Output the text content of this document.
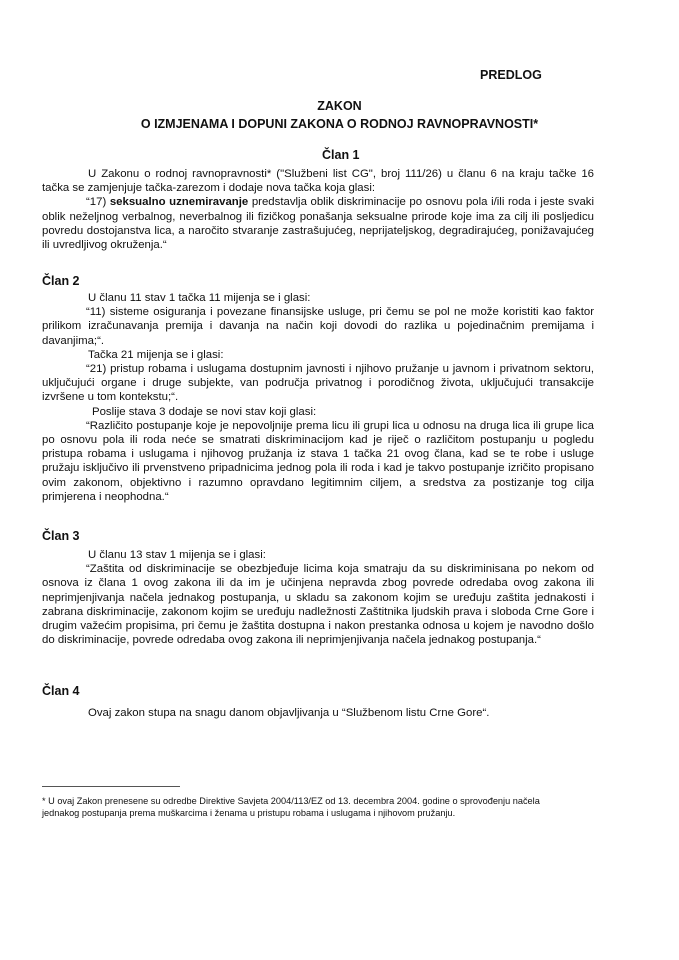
PREDLOG
ZAKON
O IZMJENAMA I DOPUNI ZAKONA O RODNOJ RAVNOPRAVNOSTI*
Član 1

U Zakonu o rodnoj ravnopravnosti* ("Službeni list CG", broj 111/26) u članu 6 na kraju tačke 16 tačka se zamjenjuje tačka-zarezom i dodaje nova tačka koja glasi:

“17) seksualno uznemiravanje predstavlja oblik diskriminacije po osnovu pola i/ili roda i jeste svaki oblik neželjnog verbalnog, neverbalnog ili fizičkog ponašanja seksualne prirode koje ima za cilj ili posljedicu povredu dostojanstva lica, a naročito stvaranje zastrašujućeg, neprijateljskog, degradirajućeg, ponižavajućeg ili uvredljivog okruženja.“

Član 2

U članu 11 stav 1 tačka 11 mijenja se i glasi:

“11) sisteme osiguranja i povezane finansijske usluge, pri čemu se pol ne može koristiti kao faktor prilikom izračunavanja premija i davanja na način koji dovodi do razlika u pojedinačnim premijama i davanjima;“.

Tačka 21 mijenja se i glasi:

“21) pristup robama i uslugama dostupnim javnosti i njihovo pružanje u javnom i privatnom sektoru, uključujući organe i druge subjekte, van područja privatnog i porodičnog života, uključujući transakcije izvršene u tom kontekstu;“.

Poslije stava 3 dodaje se novi stav koji glasi:

“Različito postupanje koje je nepovoljnije prema licu ili grupi lica u odnosu na druga lica ili grupe lica po osnovu pola ili roda neće se smatrati diskriminacijom kad je riječ o različitom postupanju u pogledu pristupa robama i uslugama i njihovog pružanja iz stava 1 tačka 21 ovog člana, kad se te robe i usluge pružaju isključivo ili prvenstveno pripadnicima jednog pola ili roda i kad je takvo postupanje izričito propisano ovim zakonom, objektivno i razumno opravdano legitimnim ciljem, a sredstva za postizanje tog cilja primjerena i neophodna.“

Član 3

U članu 13 stav 1 mijenja se i glasi:

“Zaštita od diskriminacije se obezbjeđuje licima koja smatraju da su diskriminisana po nekom od osnova iz člana 1 ovog zakona ili da im je učinjena nepravda zbog povrede odredaba ovog zakona ili neprimjenjivanja načela jednakog postupanja, u skladu sa zakonom kojim se uređuju zaštita jednakosti i zabrana diskriminacije, zakonom kojim se uređuju nadležnosti Zaštitnika ljudskih prava i sloboda Crne Gore i drugim važećim propisima, pri čemu je žaštita dostupna i nakon prestanka odnosa u kojem je navodno došlo do diskriminacije, povrede odredaba ovog zakona ili neprimjenjivanja načela jednakog postupanja.“

Član 4

Ovaj zakon stupa na snagu danom objavljivanja u “Službenom listu Crne Gore“.

* U ovaj Zakon prenesene su odredbe Direktive Savjeta 2004/113/EZ od 13. decembra 2004. godine o sprovođenju načela jednakog postupanja prema muškarcima i ženama u pristupu robama i uslugama i njihovom pružanju.
